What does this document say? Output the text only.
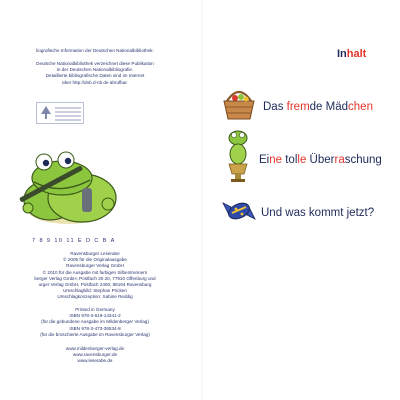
liografische Information der Deutschen Nationalbibliothek:
Deutsche Nationalbibliothek verzeichnet diese Publikation
in der Deutschen Nationalbibliografie.
Detaillierte bibliografische Daten sind im Internet
über http://dnb.d-nb.de abrufbar.
7 8 9 10 11 E D C B A
Ravensburger Leserabe
© 2005 für die Originalausgabe
Ravensburger Verlag GmbH
© 2010 für die Ausgabe mit farbigen Silbentrennern
berger Verlag GmbH, Postfach 20 20, 77910 Offenburg und
urger Verlag GmbH, Postfach 2460, 88194 Ravensburg
Umschlagbild: Stephan Pricken
Umschlagkonzeption: Sabine Reddig
Printed in Germany
ISBN 978-3-619-14341-2
(für die gebundene Ausgabe im Mildenberger Verlag)
ISBN 978-3-473-36534-8
(für die broschierte Ausgabe im Ravensburger Verlag)
www.mildenberger-verlag.de
www.ravensburger.de
www.leserabe.de
Inhalt
Das fremde Mädchen
Eine tolle Überraschung
Und was kommt jetzt?
